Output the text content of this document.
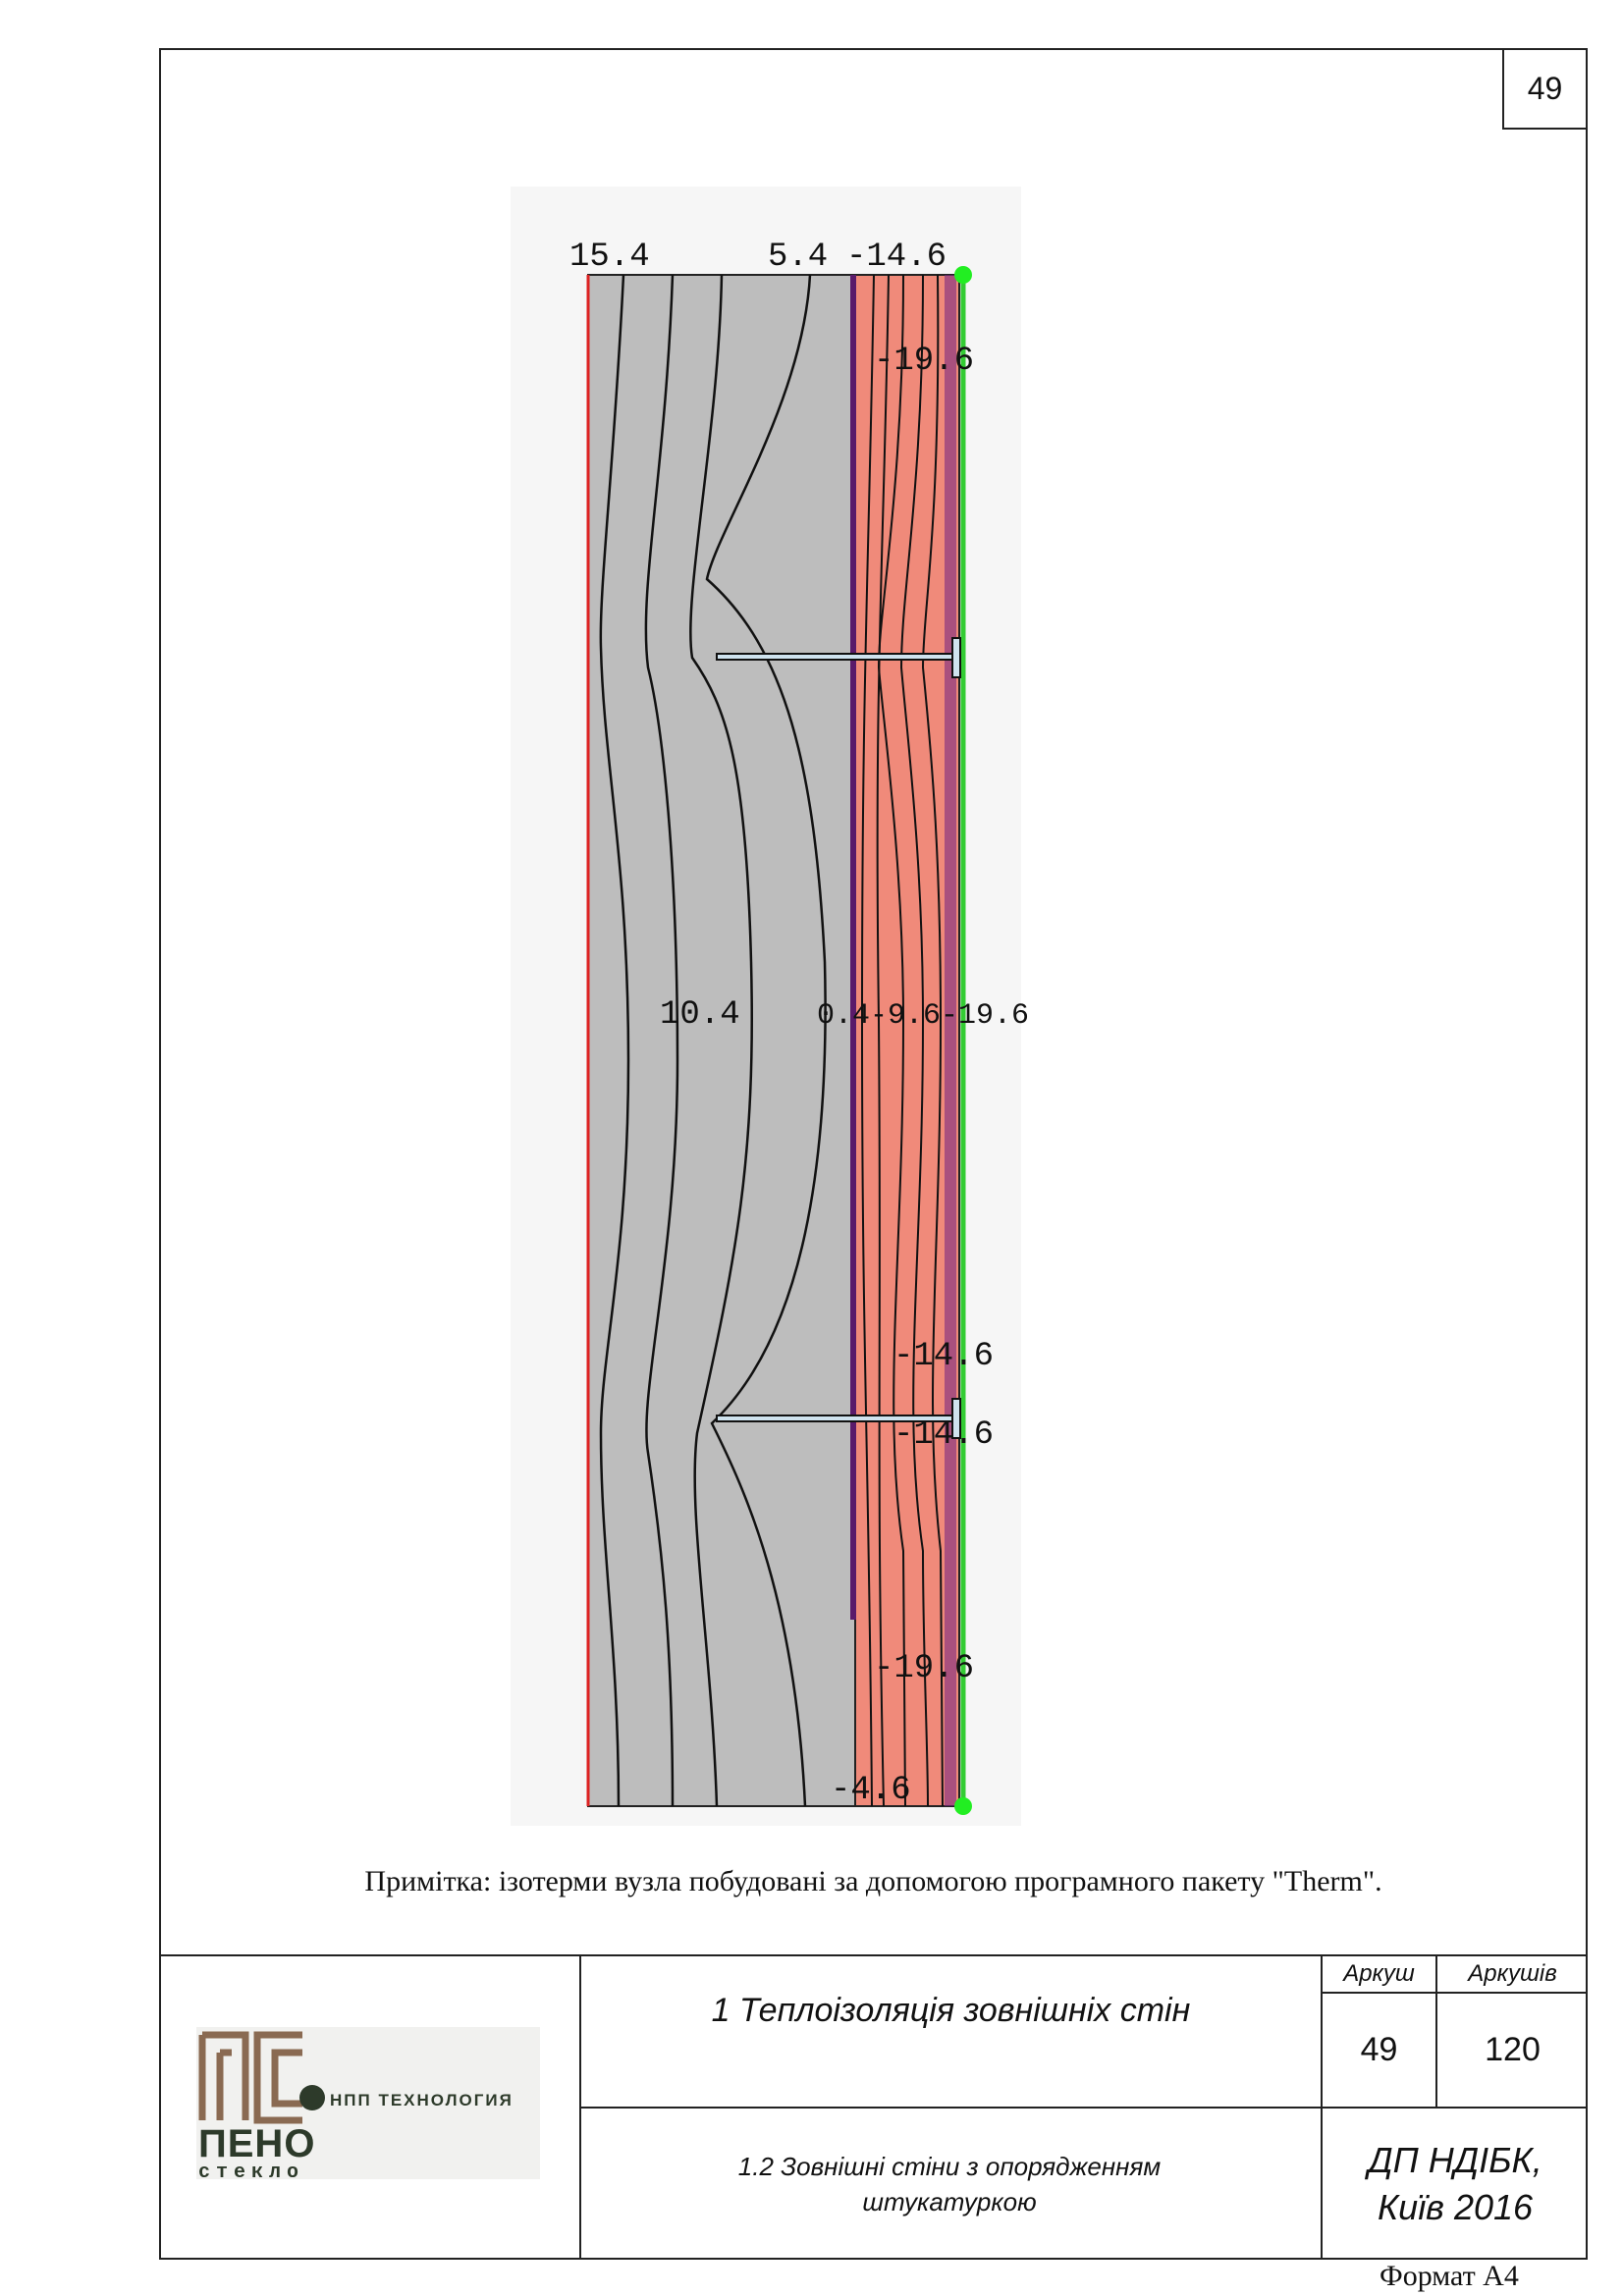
49
15.4	5.4 -14.6
-19.6
10.4	0.4-9.6-19.6
-14.6
-14.6
-19.6
-4.6
Примітка: ізотерми вузла побудовані за допомогою програмного пакету "Therm".
Аркуш	Аркушів
49	120
1 Теплоізоляція зовнішніх стін
1.2 Зовнішні стіни з опорядженням штукатуркою
ДП НДІБК, Київ 2016
НПП ТЕХНОЛОГИЯ
ПЕНО
стекло
Формат А4
